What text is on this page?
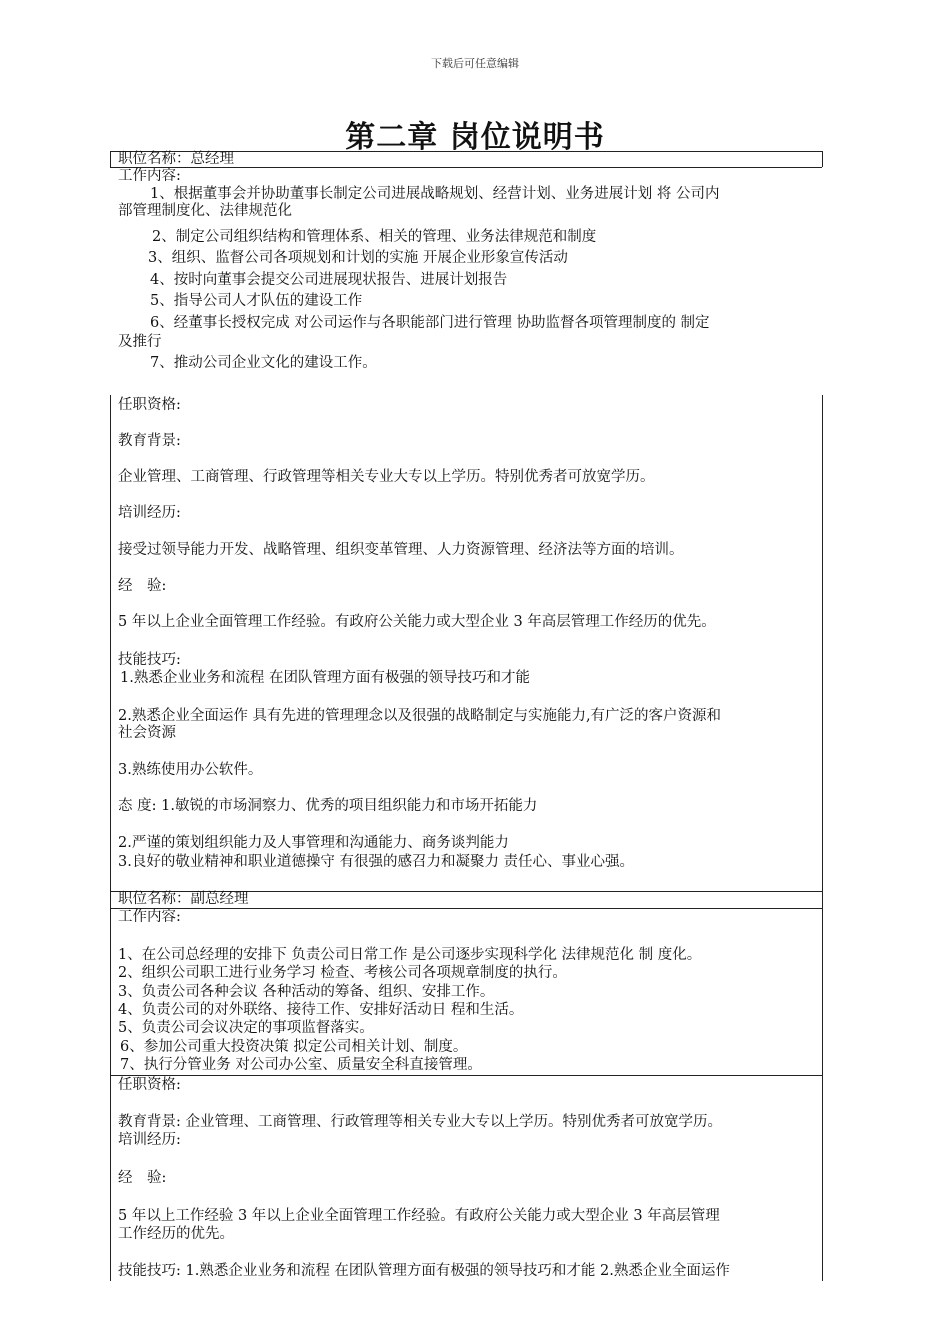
下载后可任意编辑
第二章 岗位说明书
职位名称：总经理
工作内容:
1、根据董事会并协助董事长制定公司进展战略规划、经营计划、业务进展计划 将 公司内
部管理制度化、法律规范化
2、制定公司组织结构和管理体系、相关的管理、业务法律规范和制度
3、组织、监督公司各项规划和计划的实施 开展企业形象宣传活动
4、按时向董事会提交公司进展现状报告、进展计划报告
5、指导公司人才队伍的建设工作
6、经董事长授权完成 对公司运作与各职能部门进行管理 协助监督各项管理制度的 制定
及推行
7、推动公司企业文化的建设工作。
任职资格:
教育背景:
企业管理、工商管理、行政管理等相关专业大专以上学历。特别优秀者可放宽学历。
培训经历:
接受过领导能力开发、战略管理、组织变革管理、人力资源管理、经济法等方面的培训。
经　验:
5 年以上企业全面管理工作经验。有政府公关能力或大型企业 3 年高层管理工作经历的优先。
技能技巧:
1.熟悉企业业务和流程 在团队管理方面有极强的领导技巧和才能
2.熟悉企业全面运作 具有先进的管理理念以及很强的战略制定与实施能力,有广泛的客户资源和
社会资源
3.熟练使用办公软件。
态 度: 1.敏锐的市场洞察力、优秀的项目组织能力和市场开拓能力
2.严谨的策划组织能力及人事管理和沟通能力、商务谈判能力
3.良好的敬业精神和职业道德操守 有很强的感召力和凝聚力 责任心、事业心强。
职位名称：副总经理
工作内容:
1、在公司总经理的安排下 负责公司日常工作 是公司逐步实现科学化 法律规范化 制 度化。
2、组织公司职工进行业务学习 检查、考核公司各项规章制度的执行。
3、负责公司各种会议 各种活动的筹备、组织、安排工作。
4、负责公司的对外联络、接待工作、安排好活动日 程和生活。
5、负责公司会议决定的事项监督落实。
6、参加公司重大投资决策 拟定公司相关计划、制度。
7、执行分管业务 对公司办公室、质量安全科直接管理。
任职资格:
教育背景: 企业管理、工商管理、行政管理等相关专业大专以上学历。特别优秀者可放宽学历。
培训经历:
经　验:
5 年以上工作经验 3 年以上企业全面管理工作经验。有政府公关能力或大型企业 3 年高层管理
工作经历的优先。
技能技巧: 1.熟悉企业业务和流程 在团队管理方面有极强的领导技巧和才能 2.熟悉企业全面运作
